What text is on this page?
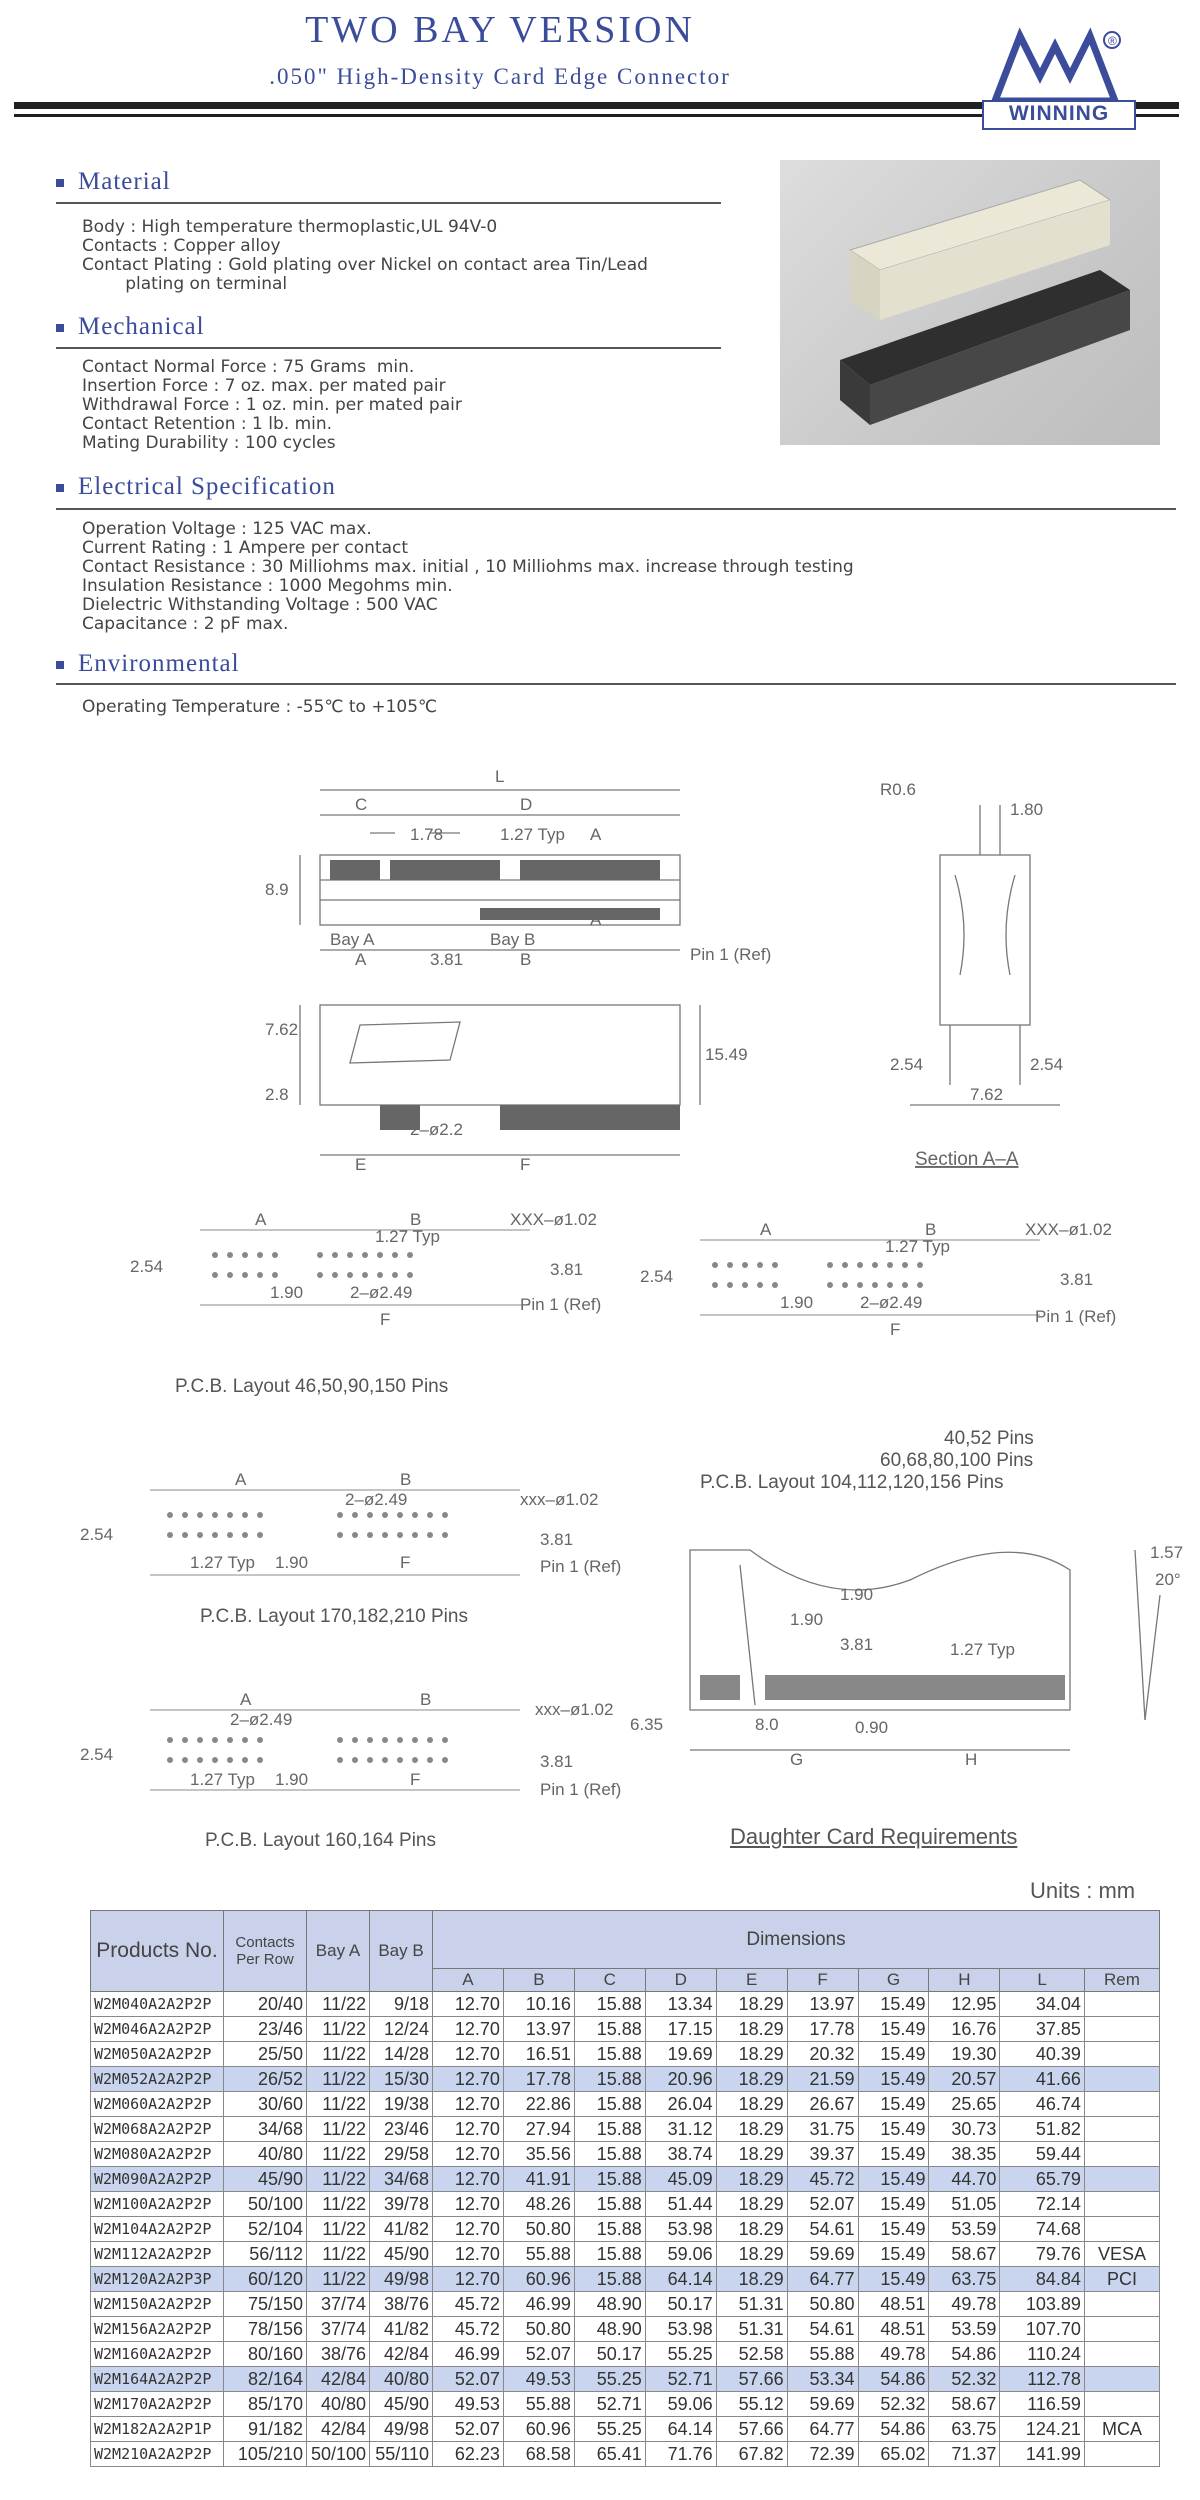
TWO BAY VERSION
.050" High-Density Card Edge Connector
®
WINNING
Material
Body : High temperature thermoplastic,UL 94V-0
Contacts : Copper alloy
Contact Plating : Gold plating over Nickel on contact area Tin/Lead
plating on terminal
Mechanical
Contact Normal Force : 75 Grams  min.
Insertion Force : 7 oz. max. per mated pair
Withdrawal Force : 1 oz. min. per mated pair
Contact Retention : 1 lb. min.
Mating Durability : 100 cycles
Electrical Specification
Operation Voltage : 125 VAC max.
Current Rating : 1 Ampere per contact
Contact Resistance : 30 Milliohms max. initial , 10 Milliohms max. increase through testing
Insulation Resistance : 1000 Megohms min.
Dielectric Withstanding Voltage : 500 VAC
Capacitance : 2 pF max.
Environmental
Operating Temperature : -55℃ to +105℃
L
C	D
1.78	1.27 Typ A
8.9
Bay A	Bay B
A
A	3.81	B	Pin 1 (Ref)
7.62
15.49
2.8
2–ø2.2
E	F
R0.6
1.80
2.54	2.54
7.62
Section A–A
A	B
1.27 Typ
XXX–ø1.02
2.54	3.81
1.90	2–ø2.49
Pin 1 (Ref)
F
P.C.B. Layout 46,50,90,150 Pins
A	B
1.27 Typ
XXX–ø1.02
2.54	3.81
1.90	2–ø2.49
Pin 1 (Ref)
F
40,52 Pins
60,68,80,100 Pins
P.C.B. Layout 104,112,120,156 Pins
A	B
2–ø2.49	xxx–ø1.02
2.54	3.81
1.27 Typ 1.90	F	Pin 1 (Ref)
P.C.B. Layout 170,182,210 Pins
1.57
20°
1.90
1.90
3.81	1.27 Typ
6.35	8.0	0.90
G	H
A	B
2–ø2.49
xxx–ø1.02
2.54	3.81
1.27 Typ 1.90	F
Pin 1 (Ref)
P.C.B. Layout 160,164 Pins	Daughter Card Requirements
Units : mm
Products No.	Contacts Per Row	Bay A	Bay B	Dimensions									
				A	B	C	D	E	F	G	H	L	Rem
W2M040A2A2P2P	20/40	11/22	9/18	12.70	10.16	15.88	13.34	18.29	13.97	15.49	12.95	34.04	
W2M046A2A2P2P	23/46	11/22	12/24	12.70	13.97	15.88	17.15	18.29	17.78	15.49	16.76	37.85	
W2M050A2A2P2P	25/50	11/22	14/28	12.70	16.51	15.88	19.69	18.29	20.32	15.49	19.30	40.39	
W2M052A2A2P2P	26/52	11/22	15/30	12.70	17.78	15.88	20.96	18.29	21.59	15.49	20.57	41.66	
W2M060A2A2P2P	30/60	11/22	19/38	12.70	22.86	15.88	26.04	18.29	26.67	15.49	25.65	46.74	
W2M068A2A2P2P	34/68	11/22	23/46	12.70	27.94	15.88	31.12	18.29	31.75	15.49	30.73	51.82	
W2M080A2A2P2P	40/80	11/22	29/58	12.70	35.56	15.88	38.74	18.29	39.37	15.49	38.35	59.44	
W2M090A2A2P2P	45/90	11/22	34/68	12.70	41.91	15.88	45.09	18.29	45.72	15.49	44.70	65.79	
W2M100A2A2P2P	50/100	11/22	39/78	12.70	48.26	15.88	51.44	18.29	52.07	15.49	51.05	72.14	
W2M104A2A2P2P	52/104	11/22	41/82	12.70	50.80	15.88	53.98	18.29	54.61	15.49	53.59	74.68	
W2M112A2A2P2P	56/112	11/22	45/90	12.70	55.88	15.88	59.06	18.29	59.69	15.49	58.67	79.76	VESA
W2M120A2A2P3P	60/120	11/22	49/98	12.70	60.96	15.88	64.14	18.29	64.77	15.49	63.75	84.84	PCI
W2M150A2A2P2P	75/150	37/74	38/76	45.72	46.99	48.90	50.17	51.31	50.80	48.51	49.78	103.89	
W2M156A2A2P2P	78/156	37/74	41/82	45.72	50.80	48.90	53.98	51.31	54.61	48.51	53.59	107.70	
W2M160A2A2P2P	80/160	38/76	42/84	46.99	52.07	50.17	55.25	52.58	55.88	49.78	54.86	110.24	
W2M164A2A2P2P	82/164	42/84	40/80	52.07	49.53	55.25	52.71	57.66	53.34	54.86	52.32	112.78	
W2M170A2A2P2P	85/170	40/80	45/90	49.53	55.88	52.71	59.06	55.12	59.69	52.32	58.67	116.59	
W2M182A2A2P1P	91/182	42/84	49/98	52.07	60.96	55.25	64.14	57.66	64.77	54.86	63.75	124.21	MCA
W2M210A2A2P2P	105/210	50/100	55/110	62.23	68.58	65.41	71.76	67.82	72.39	65.02	71.37	141.99	
